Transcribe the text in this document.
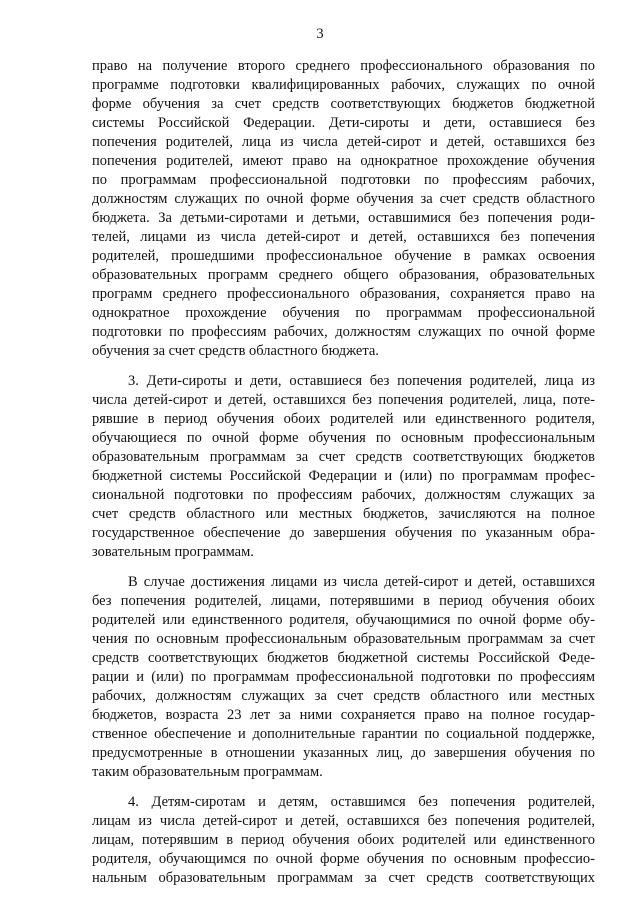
3
право на получение второго среднего профессионального образования по
программе подготовки квалифицированных рабочих, служащих по очной
форме обучения за счет средств соответствующих бюджетов бюджетной
системы Российской Федерации. Дети-сироты и дети, оставшиеся без
попечения родителей, лица из числа детей-сирот и детей, оставшихся без
попечения родителей, имеют право на однократное прохождение обучения
по программам профессиональной подготовки по профессиям рабочих,
должностям служащих по очной форме обучения за счет средств областного
бюджета. За детьми-сиротами и детьми, оставшимися без попечения роди-
телей, лицами из числа детей-сирот и детей, оставшихся без попечения
родителей, прошедшими профессиональное обучение в рамках освоения
образовательных программ среднего общего образования, образовательных
программ среднего профессионального образования, сохраняется право на
однократное прохождение обучения по программам профессиональной
подготовки по профессиям рабочих, должностям служащих по очной форме
обучения за счет средств областного бюджета.
3. Дети-сироты и дети, оставшиеся без попечения родителей, лица из
числа детей-сирот и детей, оставшихся без попечения родителей, лица, поте-
рявшие в период обучения обоих родителей или единственного родителя,
обучающиеся по очной форме обучения по основным профессиональным
образовательным программам за счет средств соответствующих бюджетов
бюджетной системы Российской Федерации и (или) по программам профес-
сиональной подготовки по профессиям рабочих, должностям служащих за
счет средств областного или местных бюджетов, зачисляются на полное
государственное обеспечение до завершения обучения по указанным обра-
зовательным программам.
В случае достижения лицами из числа детей-сирот и детей, оставшихся
без попечения родителей, лицами, потерявшими в период обучения обоих
родителей или единственного родителя, обучающимися по очной форме обу-
чения по основным профессиональным образовательным программам за счет
средств соответствующих бюджетов бюджетной системы Российской Феде-
рации и (или) по программам профессиональной подготовки по профессиям
рабочих, должностям служащих за счет средств областного или местных
бюджетов, возраста 23 лет за ними сохраняется право на полное государ-
ственное обеспечение и дополнительные гарантии по социальной поддержке,
предусмотренные в отношении указанных лиц, до завершения обучения по
таким образовательным программам.
4. Детям-сиротам и детям, оставшимся без попечения родителей,
лицам из числа детей-сирот и детей, оставшихся без попечения родителей,
лицам, потерявшим в период обучения обоих родителей или единственного
родителя, обучающимся по очной форме обучения по основным профессио-
нальным образовательным программам за счет средств соответствующих
